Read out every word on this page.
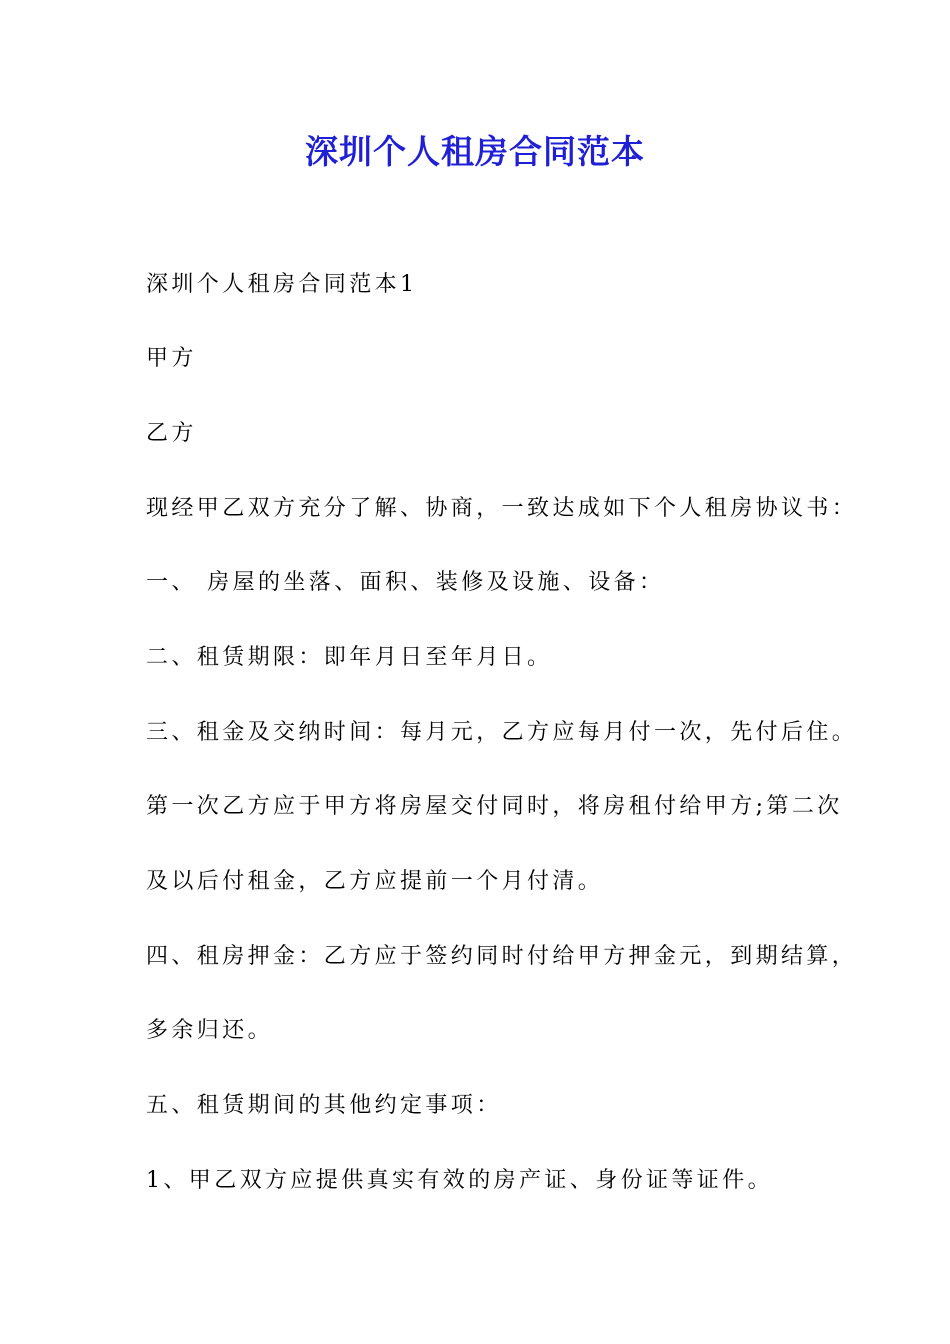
深圳个人租房合同范本

深圳个人租房合同范本1

甲方

乙方

现经甲乙双方充分了解、协商，一致达成如下个人租房协议书：

一、 房屋的坐落、面积、装修及设施、设备：

二、租赁期限：即年月日至年月日。

三、租金及交纳时间：每月元，乙方应每月付一次，先付后住。

第一次乙方应于甲方将房屋交付同时，将房租付给甲方;第二次

及以后付租金，乙方应提前一个月付清。

四、租房押金：乙方应于签约同时付给甲方押金元，到期结算，

多余归还。

五、租赁期间的其他约定事项：

1、甲乙双方应提供真实有效的房产证、身份证等证件。
